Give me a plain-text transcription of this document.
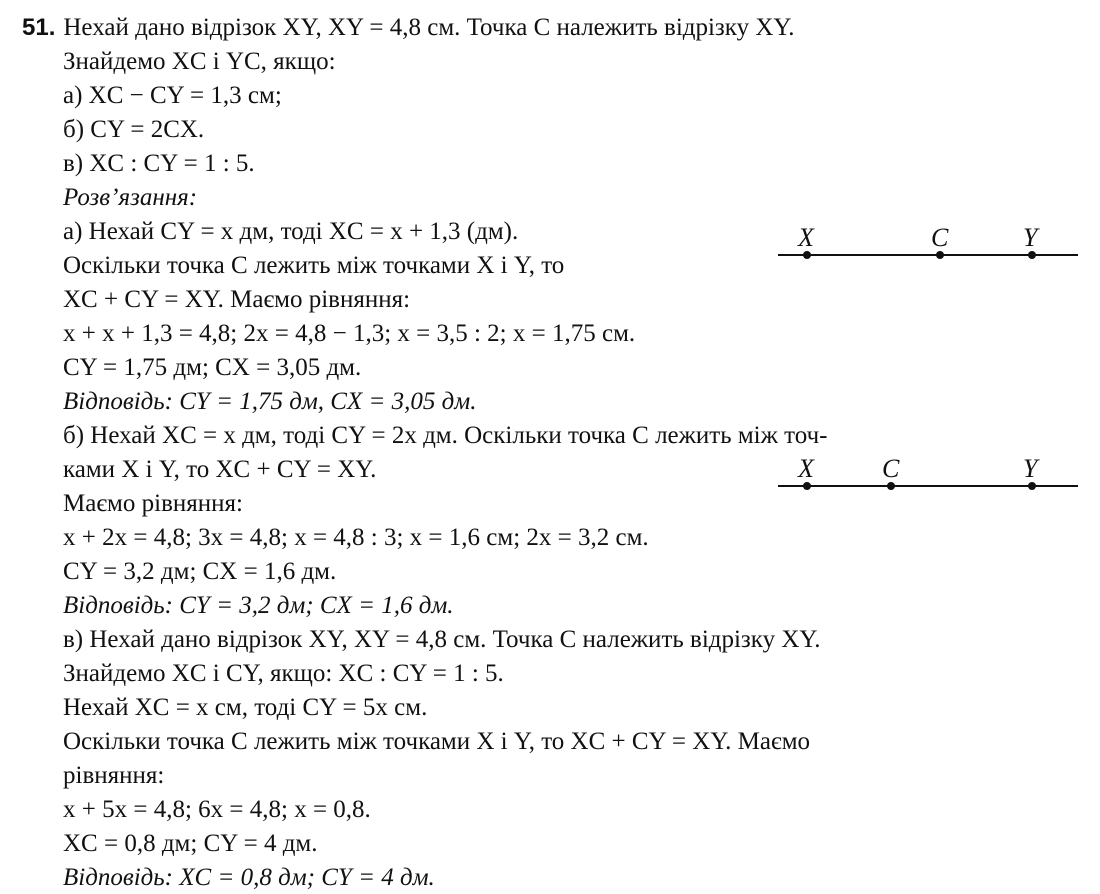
51. Нехай дано відрізок XY, XY = 4,8 см. Точка C належить відрізку XY.
Знайдемо XC і YC, якщо:
а) XC − CY = 1,3 см;
б) CY = 2CX.
в) XC : CY = 1 : 5.
Розв’язання:
а) Нехай CY = x дм, тоді XC = x + 1,3 (дм).
Оскільки точка C лежить між точками X і Y, то
XC + CY = XY. Маємо рівняння:
x + x + 1,3 = 4,8; 2x = 4,8 − 1,3; x = 3,5 : 2; x = 1,75 см.
CY = 1,75 дм; CX = 3,05 дм.
Відповідь: CY = 1,75 дм, CX = 3,05 дм.
б) Нехай XC = x дм, тоді CY = 2x дм. Оскільки точка C лежить між точ-
ками X і Y, то XC + CY = XY.
Маємо рівняння:
x + 2x = 4,8; 3x = 4,8; x = 4,8 : 3; x = 1,6 см; 2x = 3,2 см.
CY = 3,2 дм; CX = 1,6 дм.
Відповідь: CY = 3,2 дм; CX = 1,6 дм.
в) Нехай дано відрізок XY, XY = 4,8 см. Точка C належить відрізку XY.
Знайдемо XC і CY, якщо: XC : CY = 1 : 5.
Нехай XC = x см, тоді CY = 5x см.
Оскільки точка С лежить між точками X і Y, то XC + CY = XY. Маємо
рівняння:
x + 5x = 4,8; 6x = 4,8; x = 0,8.
XC = 0,8 дм; CY = 4 дм.
Відповідь: XC = 0,8 дм; CY = 4 дм.
X	C	Y
X	C	Y
